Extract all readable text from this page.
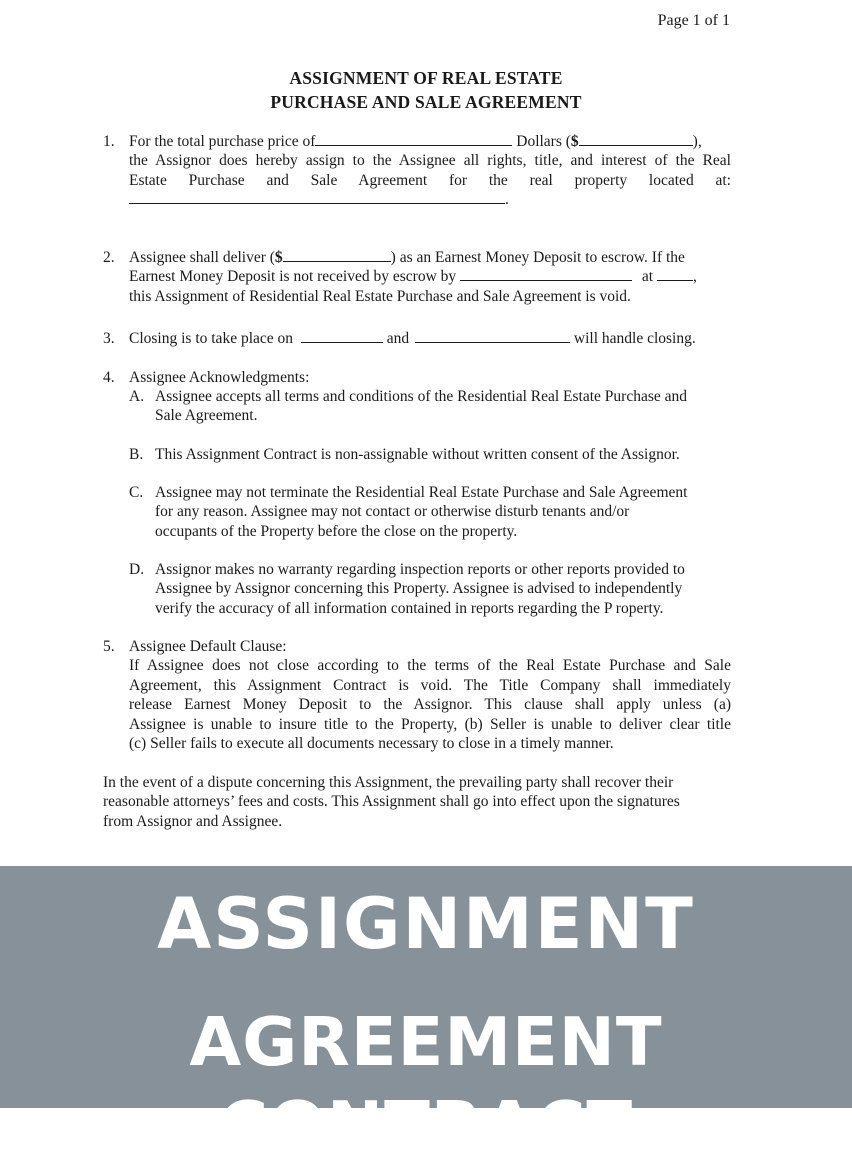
Page 1 of 1
ASSIGNMENT OF REAL ESTATE
PURCHASE AND SALE AGREEMENT
1. For the total purchase price of	Dollars ($	),
the Assignor does hereby assign to the Assignee all rights, title, and interest of the Real
Estate Purchase and Sale Agreement for the real property located at:
.
2. Assignee shall deliver ($	) as an Earnest Money Deposit to escrow. If the
Earnest Money Deposit is not received by escrow by	at	,
this Assignment of Residential Real Estate Purchase and Sale Agreement is void.
3. Closing is to take place on	and	will handle closing.
4. Assignee Acknowledgments:
A. Assignee accepts all terms and conditions of the Residential Real Estate Purchase and
Sale Agreement.
B. This Assignment Contract is non-assignable without written consent of the Assignor.
C. Assignee may not terminate the Residential Real Estate Purchase and Sale Agreement
for any reason. Assignee may not contact or otherwise disturb tenants and/or
occupants of the Property before the close on the property.
D. Assignor makes no warranty regarding inspection reports or other reports provided to
Assignee by Assignor concerning this Property. Assignee is advised to independently
verify the accuracy of all information contained in reports regarding the P roperty.
5. Assignee Default Clause:
If Assignee does not close according to the terms of the Real Estate Purchase and Sale
Agreement, this Assignment Contract is void. The Title Company shall immediately
release Earnest Money Deposit to the Assignor. This clause shall apply unless (a)
Assignee is unable to insure title to the Property, (b) Seller is unable to deliver clear title
(c) Seller fails to execute all documents necessary to close in a timely manner.
In the event of a dispute concerning this Assignment, the prevailing party shall recover their
reasonable attorneys’ fees and costs. This Assignment shall go into effect upon the signatures
from Assignor and Assignee.
ASSIGNMENT
AGREEMENT CONTRACT
